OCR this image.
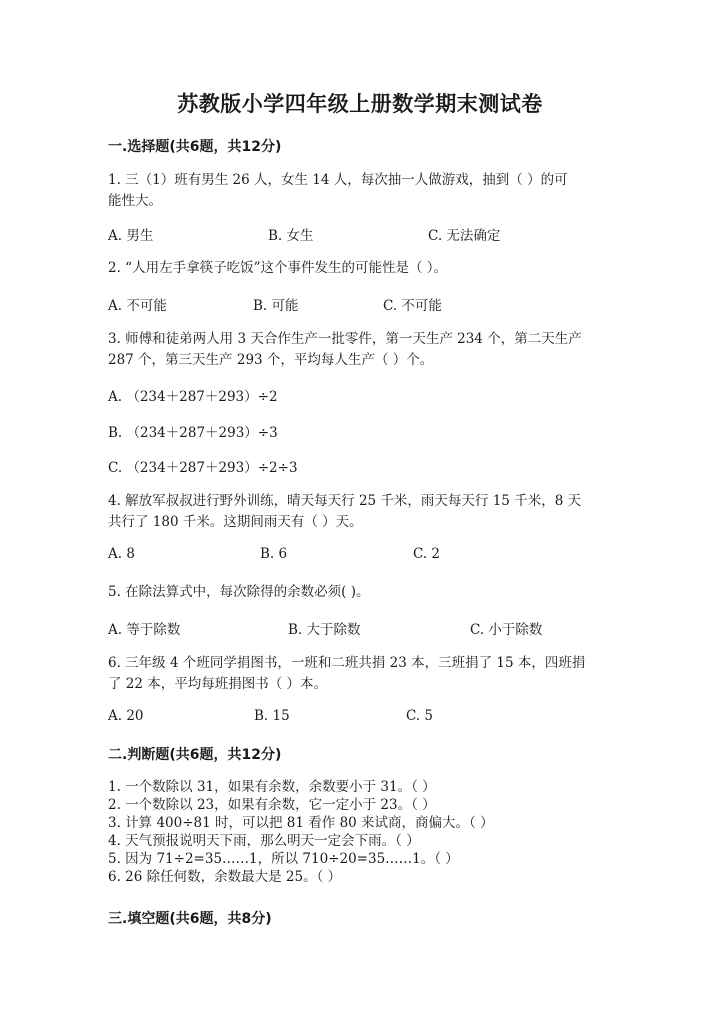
苏教版小学四年级上册数学期末测试卷
一.选择题(共6题，共12分)
1. 三（1）班有男生 26 人，女生 14 人，每次抽一人做游戏，抽到（ ）的可
能性大。
A. 男生	B. 女生	C. 无法确定
2. “人用左手拿筷子吃饭”这个事件发生的可能性是（ ）。
A. 不可能	B. 可能	C. 不可能
3. 师傅和徒弟两人用 3 天合作生产一批零件，第一天生产 234 个，第二天生产
287 个，第三天生产 293 个，平均每人生产（ ）个。
A. （234＋287＋293）÷2
B. （234＋287＋293）÷3
C. （234＋287＋293）÷2÷3
4. 解放军叔叔进行野外训练，晴天每天行 25 千米，雨天每天行 15 千米，8 天
共行了 180 千米。这期间雨天有（ ）天。
A. 8	B. 6	C. 2
5. 在除法算式中，每次除得的余数必须( )。
A. 等于除数	B. 大于除数	C. 小于除数
6. 三年级 4 个班同学捐图书，一班和二班共捐 23 本，三班捐了 15 本，四班捐
了 22 本，平均每班捐图书（ ）本。
A. 20	B. 15	C. 5
二.判断题(共6题，共12分)
1. 一个数除以 31，如果有余数，余数要小于 31。（ ）
2. 一个数除以 23，如果有余数，它一定小于 23。（ ）
3. 计算 400÷81 时，可以把 81 看作 80 来试商，商偏大。（ ）
4. 天气预报说明天下雨，那么明天一定会下雨。（ ）
5. 因为 71÷2=35……1，所以 710÷20=35……1。（ ）
6. 26 除任何数，余数最大是 25。（ ）
三.填空题(共6题，共8分)
